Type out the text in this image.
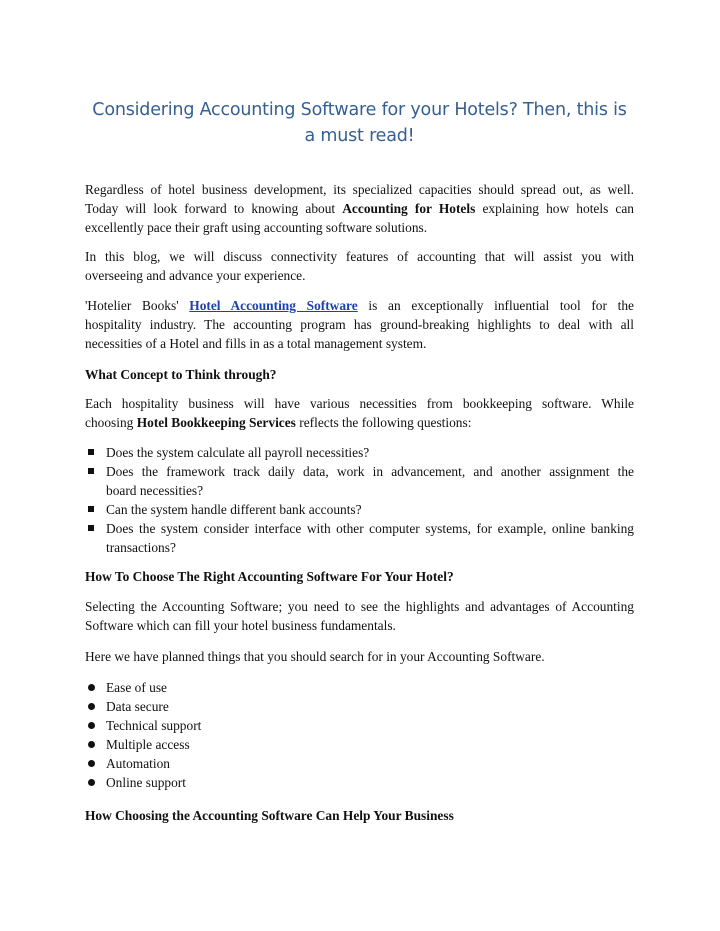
Considering Accounting Software for your Hotels? Then, this is a must read!
Regardless of hotel business development, its specialized capacities should spread out, as well.
Today will look forward to knowing about Accounting for Hotels explaining how hotels can
excellently pace their graft using accounting software solutions.
In this blog, we will discuss connectivity features of accounting that will assist you with
overseeing and advance your experience.
'Hotelier Books' Hotel Accounting Software is an exceptionally influential tool for the
hospitality industry. The accounting program has ground-breaking highlights to deal with all
necessities of a Hotel and fills in as a total management system.
What Concept to Think through?
Each hospitality business will have various necessities from bookkeeping software. While
choosing Hotel Bookkeeping Services reflects the following questions:
Does the system calculate all payroll necessities?
Does the framework track daily data, work in advancement, and another assignment the
board necessities?
Can the system handle different bank accounts?
Does the system consider interface with other computer systems, for example, online banking
transactions?
How To Choose The Right Accounting Software For Your Hotel?
Selecting the Accounting Software; you need to see the highlights and advantages of Accounting
Software which can fill your hotel business fundamentals.
Here we have planned things that you should search for in your Accounting Software.
Ease of use
Data secure
Technical support
Multiple access
Automation
Online support
How Choosing the Accounting Software Can Help Your Business
